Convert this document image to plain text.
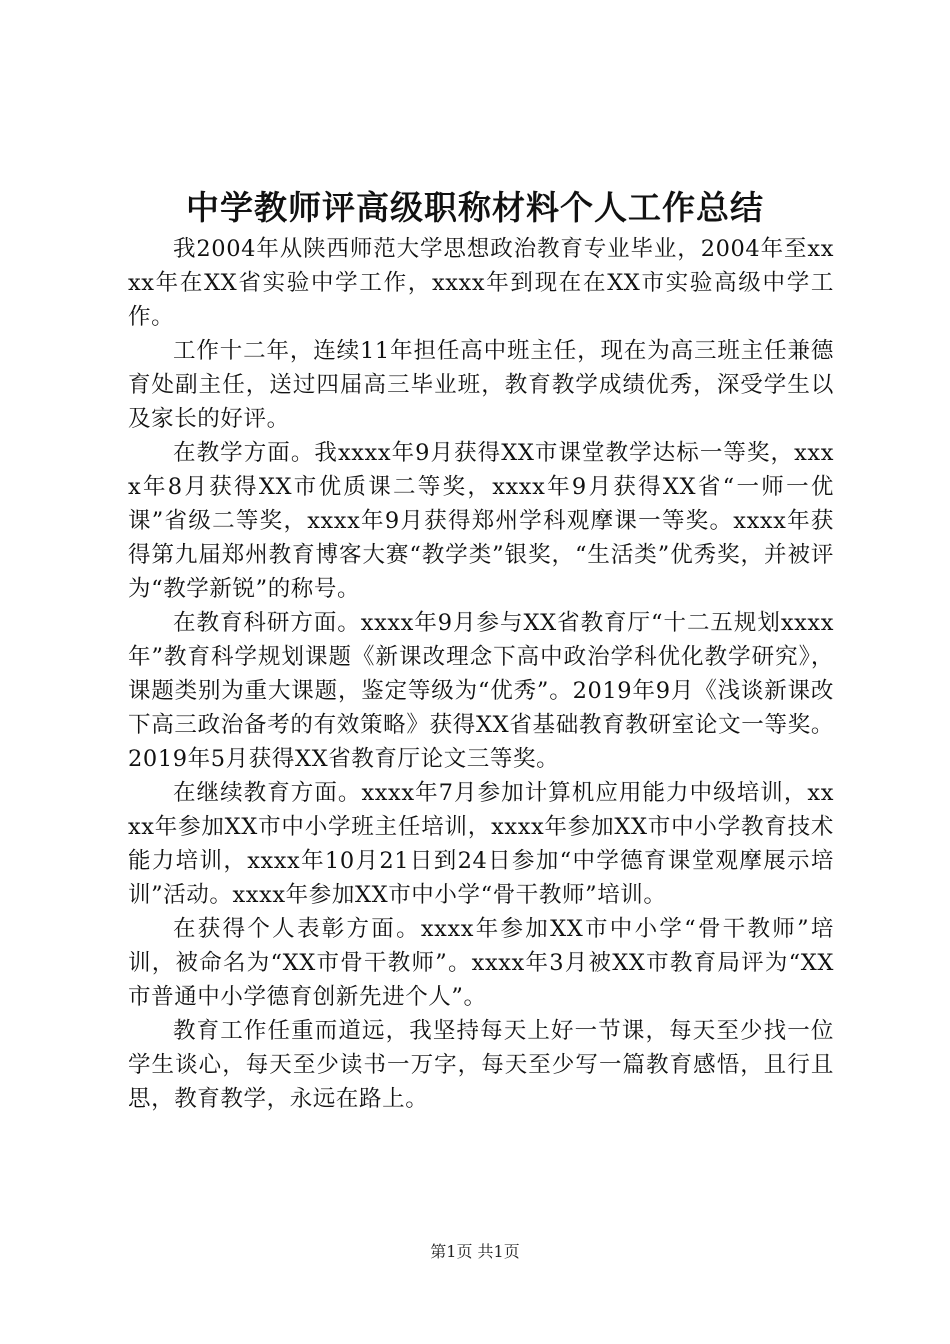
中学教师评高级职称材料个人工作总结

我2004年从陕西师范大学思想政治教育专业毕业，2004年至xxxx年在XX省实验中学工作，xxxx年到现在在XX市实验高级中学工作。

工作十二年，连续11年担任高中班主任，现在为高三班主任兼德育处副主任，送过四届高三毕业班，教育教学成绩优秀，深受学生以及家长的好评。

在教学方面。我xxxx年9月获得XX市课堂教学达标一等奖，xxxx年8月获得XX市优质课二等奖，xxxx年9月获得XX省“一师一优课”省级二等奖，xxxx年9月获得郑州学科观摩课一等奖。xxxx年获得第九届郑州教育博客大赛“教学类”银奖，“生活类”优秀奖，并被评为“教学新锐”的称号。

在教育科研方面。xxxx年9月参与XX省教育厅“十二五规划xxxx年”教育科学规划课题《新课改理念下高中政治学科优化教学研究》，课题类别为重大课题，鉴定等级为“优秀”。2019年9月《浅谈新课改下高三政治备考的有效策略》获得XX省基础教育教研室论文一等奖。2019年5月获得XX省教育厅论文三等奖。

在继续教育方面。xxxx年7月参加计算机应用能力中级培训，xxxx年参加XX市中小学班主任培训，xxxx年参加XX市中小学教育技术能力培训，xxxx年10月21日到24日参加“中学德育课堂观摩展示培训”活动。xxxx年参加XX市中小学“骨干教师”培训。

在获得个人表彰方面。xxxx年参加XX市中小学“骨干教师”培训，被命名为“XX市骨干教师”。xxxx年3月被XX市教育局评为“XX市普通中小学德育创新先进个人”。

教育工作任重而道远，我坚持每天上好一节课，每天至少找一位学生谈心，每天至少读书一万字，每天至少写一篇教育感悟，且行且思，教育教学，永远在路上。

第1页 共1页
